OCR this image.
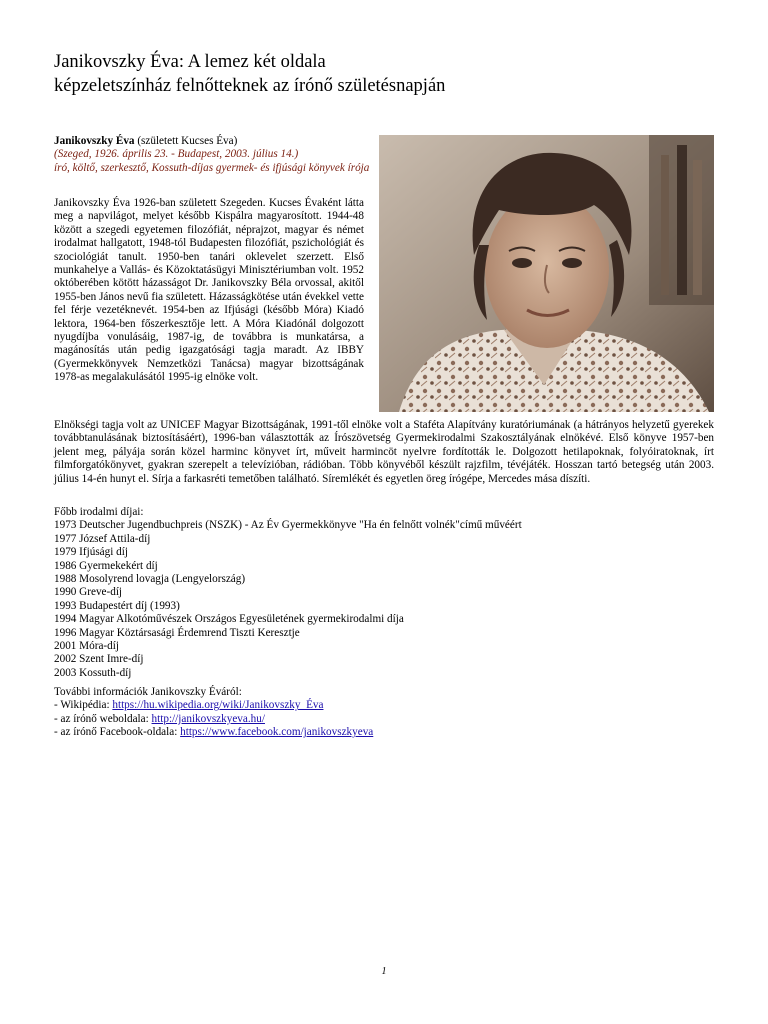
Janikovszky Éva: A lemez két oldala
képzeletszínház felnőtteknek az írónő születésnapján

Janikovszky Éva (született Kucses Éva)

(Szeged, 1926. április 23. - Budapest, 2003. július 14.)

író, költő, szerkesztő, Kossuth-díjas gyermek- és ifjúsági könyvek írója

Janikovszky Éva 1926-ban született Szegeden. Kucses Évaként látta meg a napvilágot, melyet később Kispálra magyarosított. 1944-48 között a szegedi egyetemen filozófiát, néprajzot, magyar és német irodalmat hallgatott, 1948-tól Budapesten filozófiát, pszichológiát és szociológiát tanult. 1950-ben tanári oklevelet szerzett. Első munkahelye a Vallás- és Közoktatásügyi Minisztériumban volt. 1952 októberében kötött házasságot Dr. Janikovszky Béla orvossal, akitől 1955-ben János nevű fia született. Házasságkötése után évekkel vette fel férje vezetéknevét. 1954-ben az Ifjúsági (később Móra) Kiadó lektora, 1964-ben főszerkesztője lett. A Móra Kiadónál dolgozott nyugdíjba vonulásáig, 1987-ig, de továbbra is munkatársa, a magánosítás után pedig igazgatósági tagja maradt. Az IBBY (Gyermekkönyvek Nemzetközi Tanácsa) magyar bizottságának 1978-as megalakulásától 1995-ig elnöke volt.

Elnökségi tagja volt az UNICEF Magyar Bizottságának, 1991-től elnöke volt a Staféta Alapítvány kuratóriumának (a hátrányos helyzetű gyerekek továbbtanulásának biztosításáért), 1996-ban választották az Írószövetség Gyermekirodalmi Szakosztályának elnökévé. Első könyve 1957-ben jelent meg, pályája során közel harminc könyvet írt, műveit harmincöt nyelvre fordították le. Dolgozott hetilapoknak, folyóiratoknak, írt filmforgatókönyvet, gyakran szerepelt a televízióban, rádióban. Több könyvéből készült rajzfilm, tévéjáték. Hosszan tartó betegség után 2003. július 14-én hunyt el. Sírja a farkasréti temetőben található. Síremlékét és egyetlen öreg írógépe, Mercedes mása díszíti.

Főbb irodalmi díjai:

1973 Deutscher Jugendbuchpreis (NSZK) - Az Év Gyermekkönyve "Ha én felnőtt volnék"című művéért
1977 József Attila-díj
1979 Ifjúsági díj
1986 Gyermekekért díj
1988 Mosolyrend lovagja (Lengyelország)
1990 Greve-díj
1993 Budapestért díj (1993)
1994 Magyar Alkotóművészek Országos Egyesületének gyermekirodalmi díja
1996 Magyar Köztársasági Érdemrend Tiszti Keresztje
2001 Móra-díj
2002 Szent Imre-díj
2003 Kossuth-díj

További információk Janikovszky Éváról:

- Wikipédia: https://hu.wikipedia.org/wiki/Janikovszky_Éva
- az írónő weboldala: http://janikovszkyeva.hu/
- az írónő Facebook-oldala: https://www.facebook.com/janikovszkyeva
1
